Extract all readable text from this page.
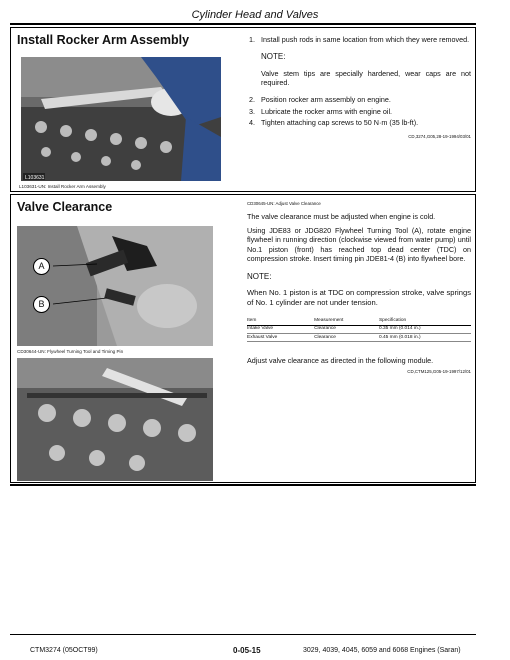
Cylinder Head and Valves
Install Rocker Arm Assembly
L103631
L103631-UN: Install Rocker Arm Assembly
1. Install push rods in same location from which they were removed.
NOTE:
Valve stem tips are specially hardened, wear caps are not required.
2. Position rocker arm assembly on engine.
3. Lubricate the rocker arms with engine oil.
4. Tighten attaching cap screws to 50 N·m (35 lb-ft).
CD,3274,G05,28-19-1994/03/01
Valve Clearance
A
B
CD30644-UN: Flywheel Turning Tool and Timing Pin
CD30645-UN: Adjust Valve Clearance
The valve clearance must be adjusted when engine is cold.
Using JDE83 or JDG820 Flywheel Turning Tool (A), rotate engine flywheel in running direction (clockwise viewed from water pump) until No.1 piston (front) has reached top dead center (TDC) on compression stroke. Insert timing pin JDE81-4 (B) into flywheel bore.
NOTE:
When No. 1 piston is at TDC on compression stroke, valve springs of No. 1 cylinder are not under tension.
Item	Measurement	Specification
Intake Valve	Clearance	0.35 mm (0.014 in.)
Exhaust Valve	Clearance	0.45 mm (0.018 in.)
Adjust valve clearance as directed in the following module.
CD,CTM125,G05-19-1997/12/01
CTM3274 (05OCT99)	0-05-15	3029, 4039, 4045, 6059 and 6068 Engines (Saran)
